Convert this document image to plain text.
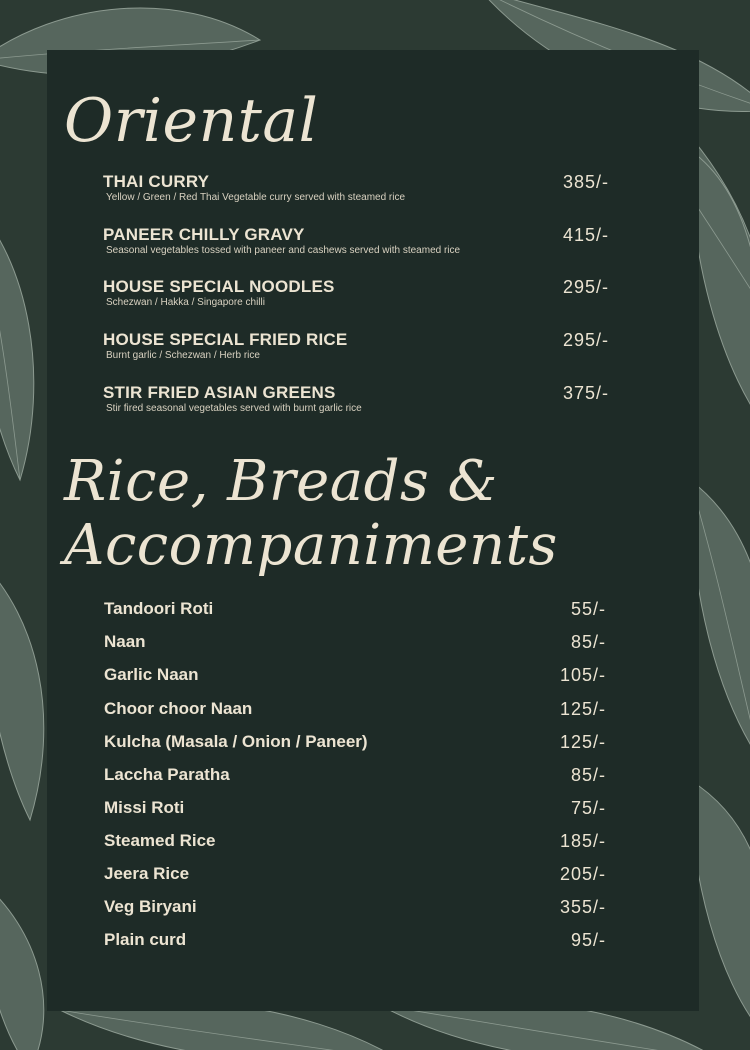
Oriental
THAI CURRY
Yellow / Green / Red Thai Vegetable curry served with steamed rice
385/-
PANEER CHILLY GRAVY
Seasonal vegetables tossed with paneer and cashews served with steamed rice
415/-
HOUSE SPECIAL NOODLES
Schezwan / Hakka / Singapore chilli
295/-
HOUSE SPECIAL FRIED RICE
Burnt garlic / Schezwan / Herb rice
295/-
STIR FRIED ASIAN GREENS
Stir fired seasonal vegetables served with burnt garlic rice
375/-
Rice, Breads &
Accompaniments
Tandoori Roti	55/-
Naan	85/-
Garlic Naan	105/-
Choor choor Naan	125/-
Kulcha (Masala / Onion / Paneer)	125/-
Laccha Paratha	85/-
Missi Roti	75/-
Steamed Rice	185/-
Jeera Rice	205/-
Veg Biryani	355/-
Plain curd	95/-
